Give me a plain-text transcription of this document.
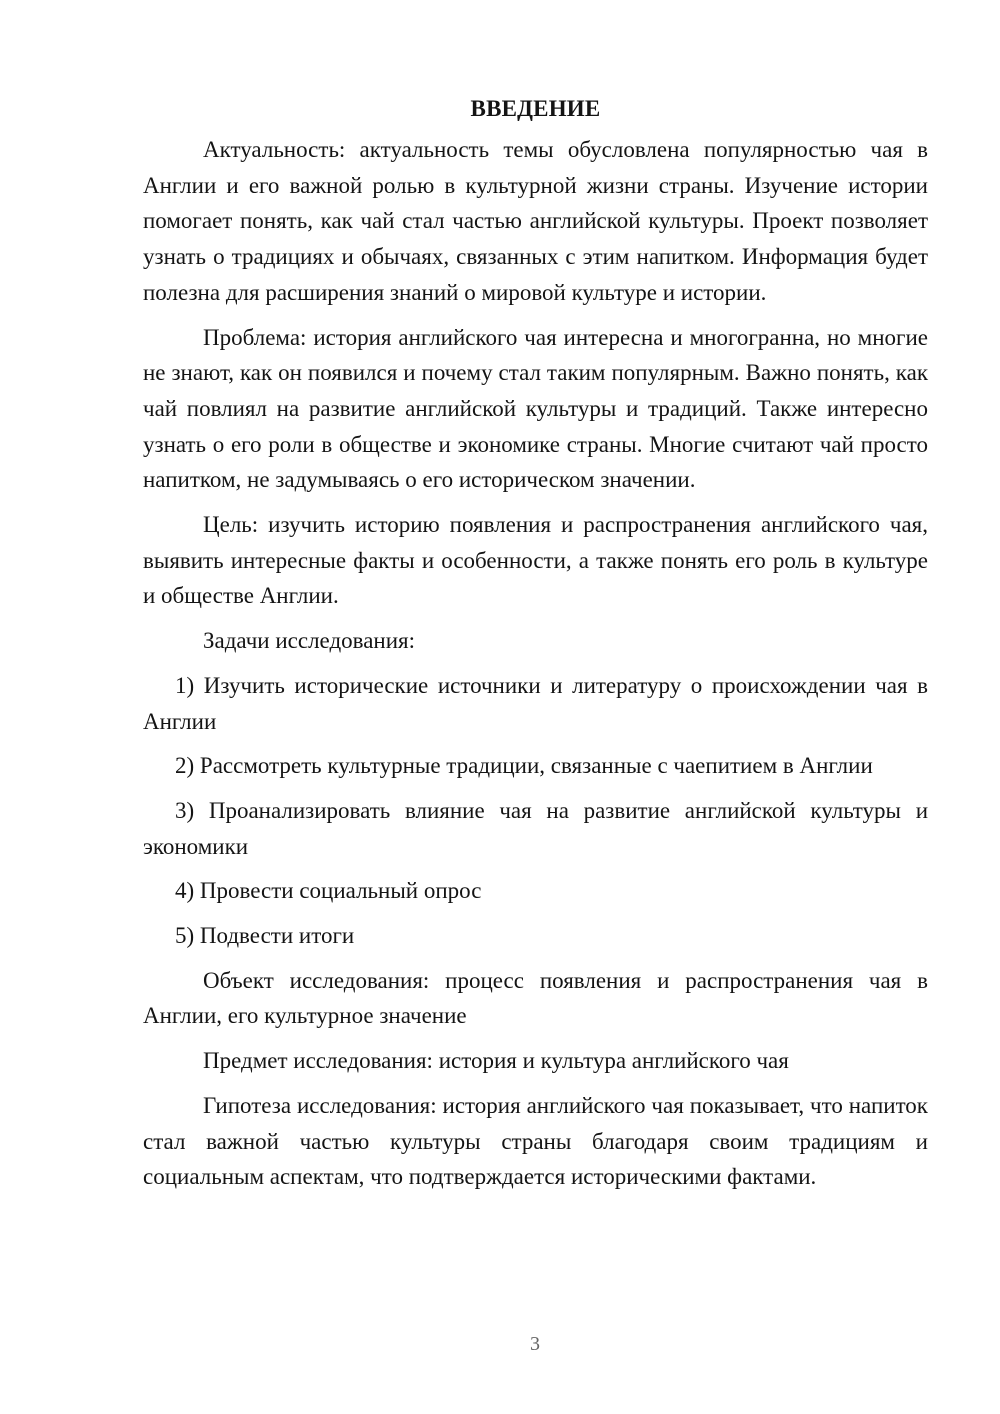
ВВЕДЕНИЕ

Актуальность: актуальность темы обусловлена популярностью чая в Англии и его важной ролью в культурной жизни страны. Изучение истории помогает понять, как чай стал частью английской культуры. Проект позволяет узнать о традициях и обычаях, связанных с этим напитком. Информация будет полезна для расширения знаний о мировой культуре и истории.

Проблема: история английского чая интересна и многогранна, но многие не знают, как он появился и почему стал таким популярным. Важно понять, как чай повлиял на развитие английской культуры и традиций. Также интересно узнать о его роли в обществе и экономике страны. Многие считают чай просто напитком, не задумываясь о его историческом значении.

Цель: изучить историю появления и распространения английского чая, выявить интересные факты и особенности, а также понять его роль в культуре и обществе Англии.

Задачи исследования:

1) Изучить исторические источники и литературу о происхождении чая в Англии

2) Рассмотреть культурные традиции, связанные с чаепитием в Англии

3) Проанализировать влияние чая на развитие английской культуры и экономики

4) Провести социальный опрос

5) Подвести итоги

Объект исследования: процесс появления и распространения чая в Англии, его культурное значение

Предмет исследования: история и культура английского чая

Гипотеза исследования: история английского чая показывает, что напиток стал важной частью культуры страны благодаря своим традициям и социальным аспектам, что подтверждается историческими фактами.

3
